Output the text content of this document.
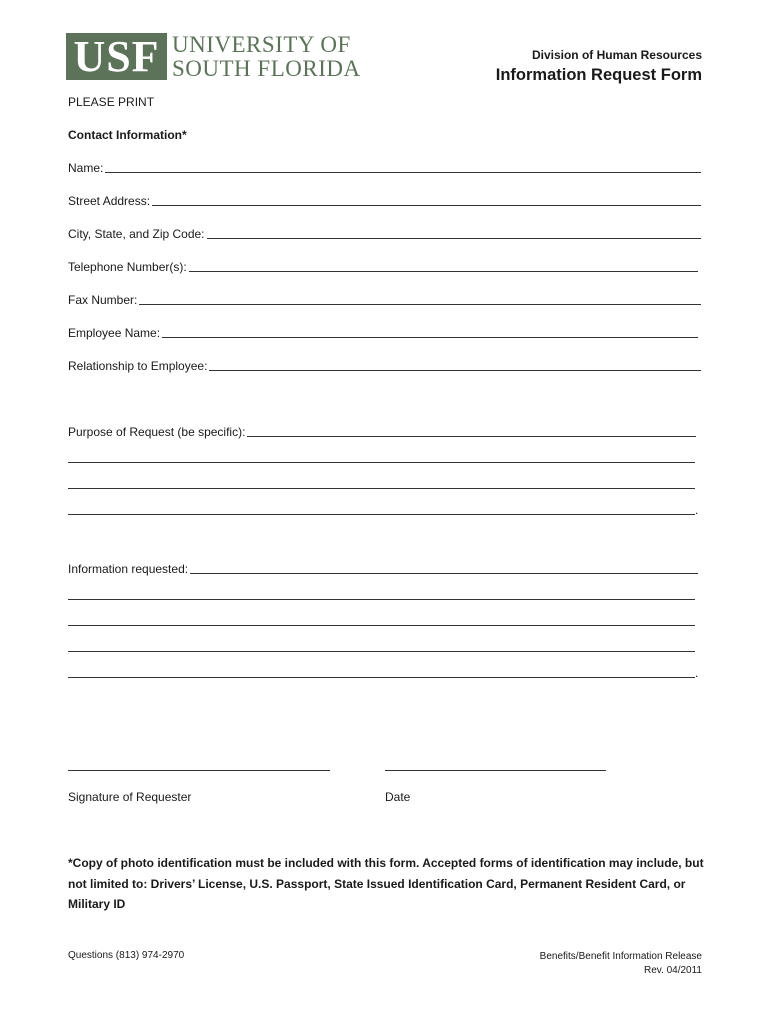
USF UNIVERSITY OF
SOUTH FLORIDA
Division of Human Resources
Information Request Form
PLEASE PRINT
Contact Information*
Name:
Street Address:
City, State, and Zip Code:
Telephone Number(s):
Fax Number:
Employee Name:
Relationship to Employee:
Purpose of Request (be specific):
.
Information requested:
.
Signature of Requester	Date
*Copy of photo identification must be included with this form. Accepted forms of identification may include, but not limited to: Drivers’ License, U.S. Passport, State Issued Identification Card, Permanent Resident Card, or Military ID
Questions (813) 974-2970	Benefits/Benefit Information Release
Rev. 04/2011
